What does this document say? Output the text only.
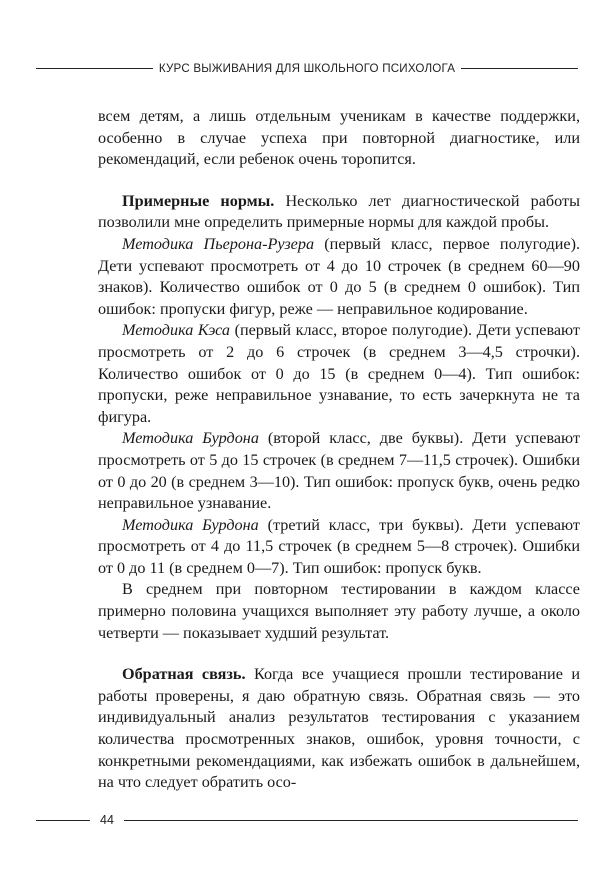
КУРС ВЫЖИВАНИЯ ДЛЯ ШКОЛЬНОГО ПСИХОЛОГА

всем детям, а лишь отдельным ученикам в качестве поддержки, особенно в случае успеха при повторной диагностике, или рекомендаций, если ребенок очень торопится.

Примерные нормы. Несколько лет диагностической работы позволили мне определить примерные нормы для каждой пробы.

Методика Пьерона-Рузера (первый класс, первое полугодие). Дети успевают просмотреть от 4 до 10 строчек (в среднем 60—90 знаков). Количество ошибок от 0 до 5 (в среднем 0 ошибок). Тип ошибок: пропуски фигур, реже — неправильное кодирование.

Методика Кэса (первый класс, второе полугодие). Дети успевают просмотреть от 2 до 6 строчек (в среднем 3—4,5 строчки). Количество ошибок от 0 до 15 (в среднем 0—4). Тип ошибок: пропуски, реже неправильное узнавание, то есть зачеркнута не та фигура.

Методика Бурдона (второй класс, две буквы). Дети успевают просмотреть от 5 до 15 строчек (в среднем 7—11,5 строчек). Ошибки от 0 до 20 (в среднем 3—10). Тип ошибок: пропуск букв, очень редко неправильное узнавание.

Методика Бурдона (третий класс, три буквы). Дети успевают просмотреть от 4 до 11,5 строчек (в среднем 5—8 строчек). Ошибки от 0 до 11 (в среднем 0—7). Тип ошибок: пропуск букв.

В среднем при повторном тестировании в каждом классе примерно половина учащихся выполняет эту работу лучше, а около четверти — показывает худший результат.

Обратная связь. Когда все учащиеся прошли тестирование и работы проверены, я даю обратную связь. Обратная связь — это индивидуальный анализ результатов тестирования с указанием количества просмотренных знаков, ошибок, уровня точности, с конкретными рекомендациями, как избежать ошибок в дальнейшем, на что следует обратить осо-

44
